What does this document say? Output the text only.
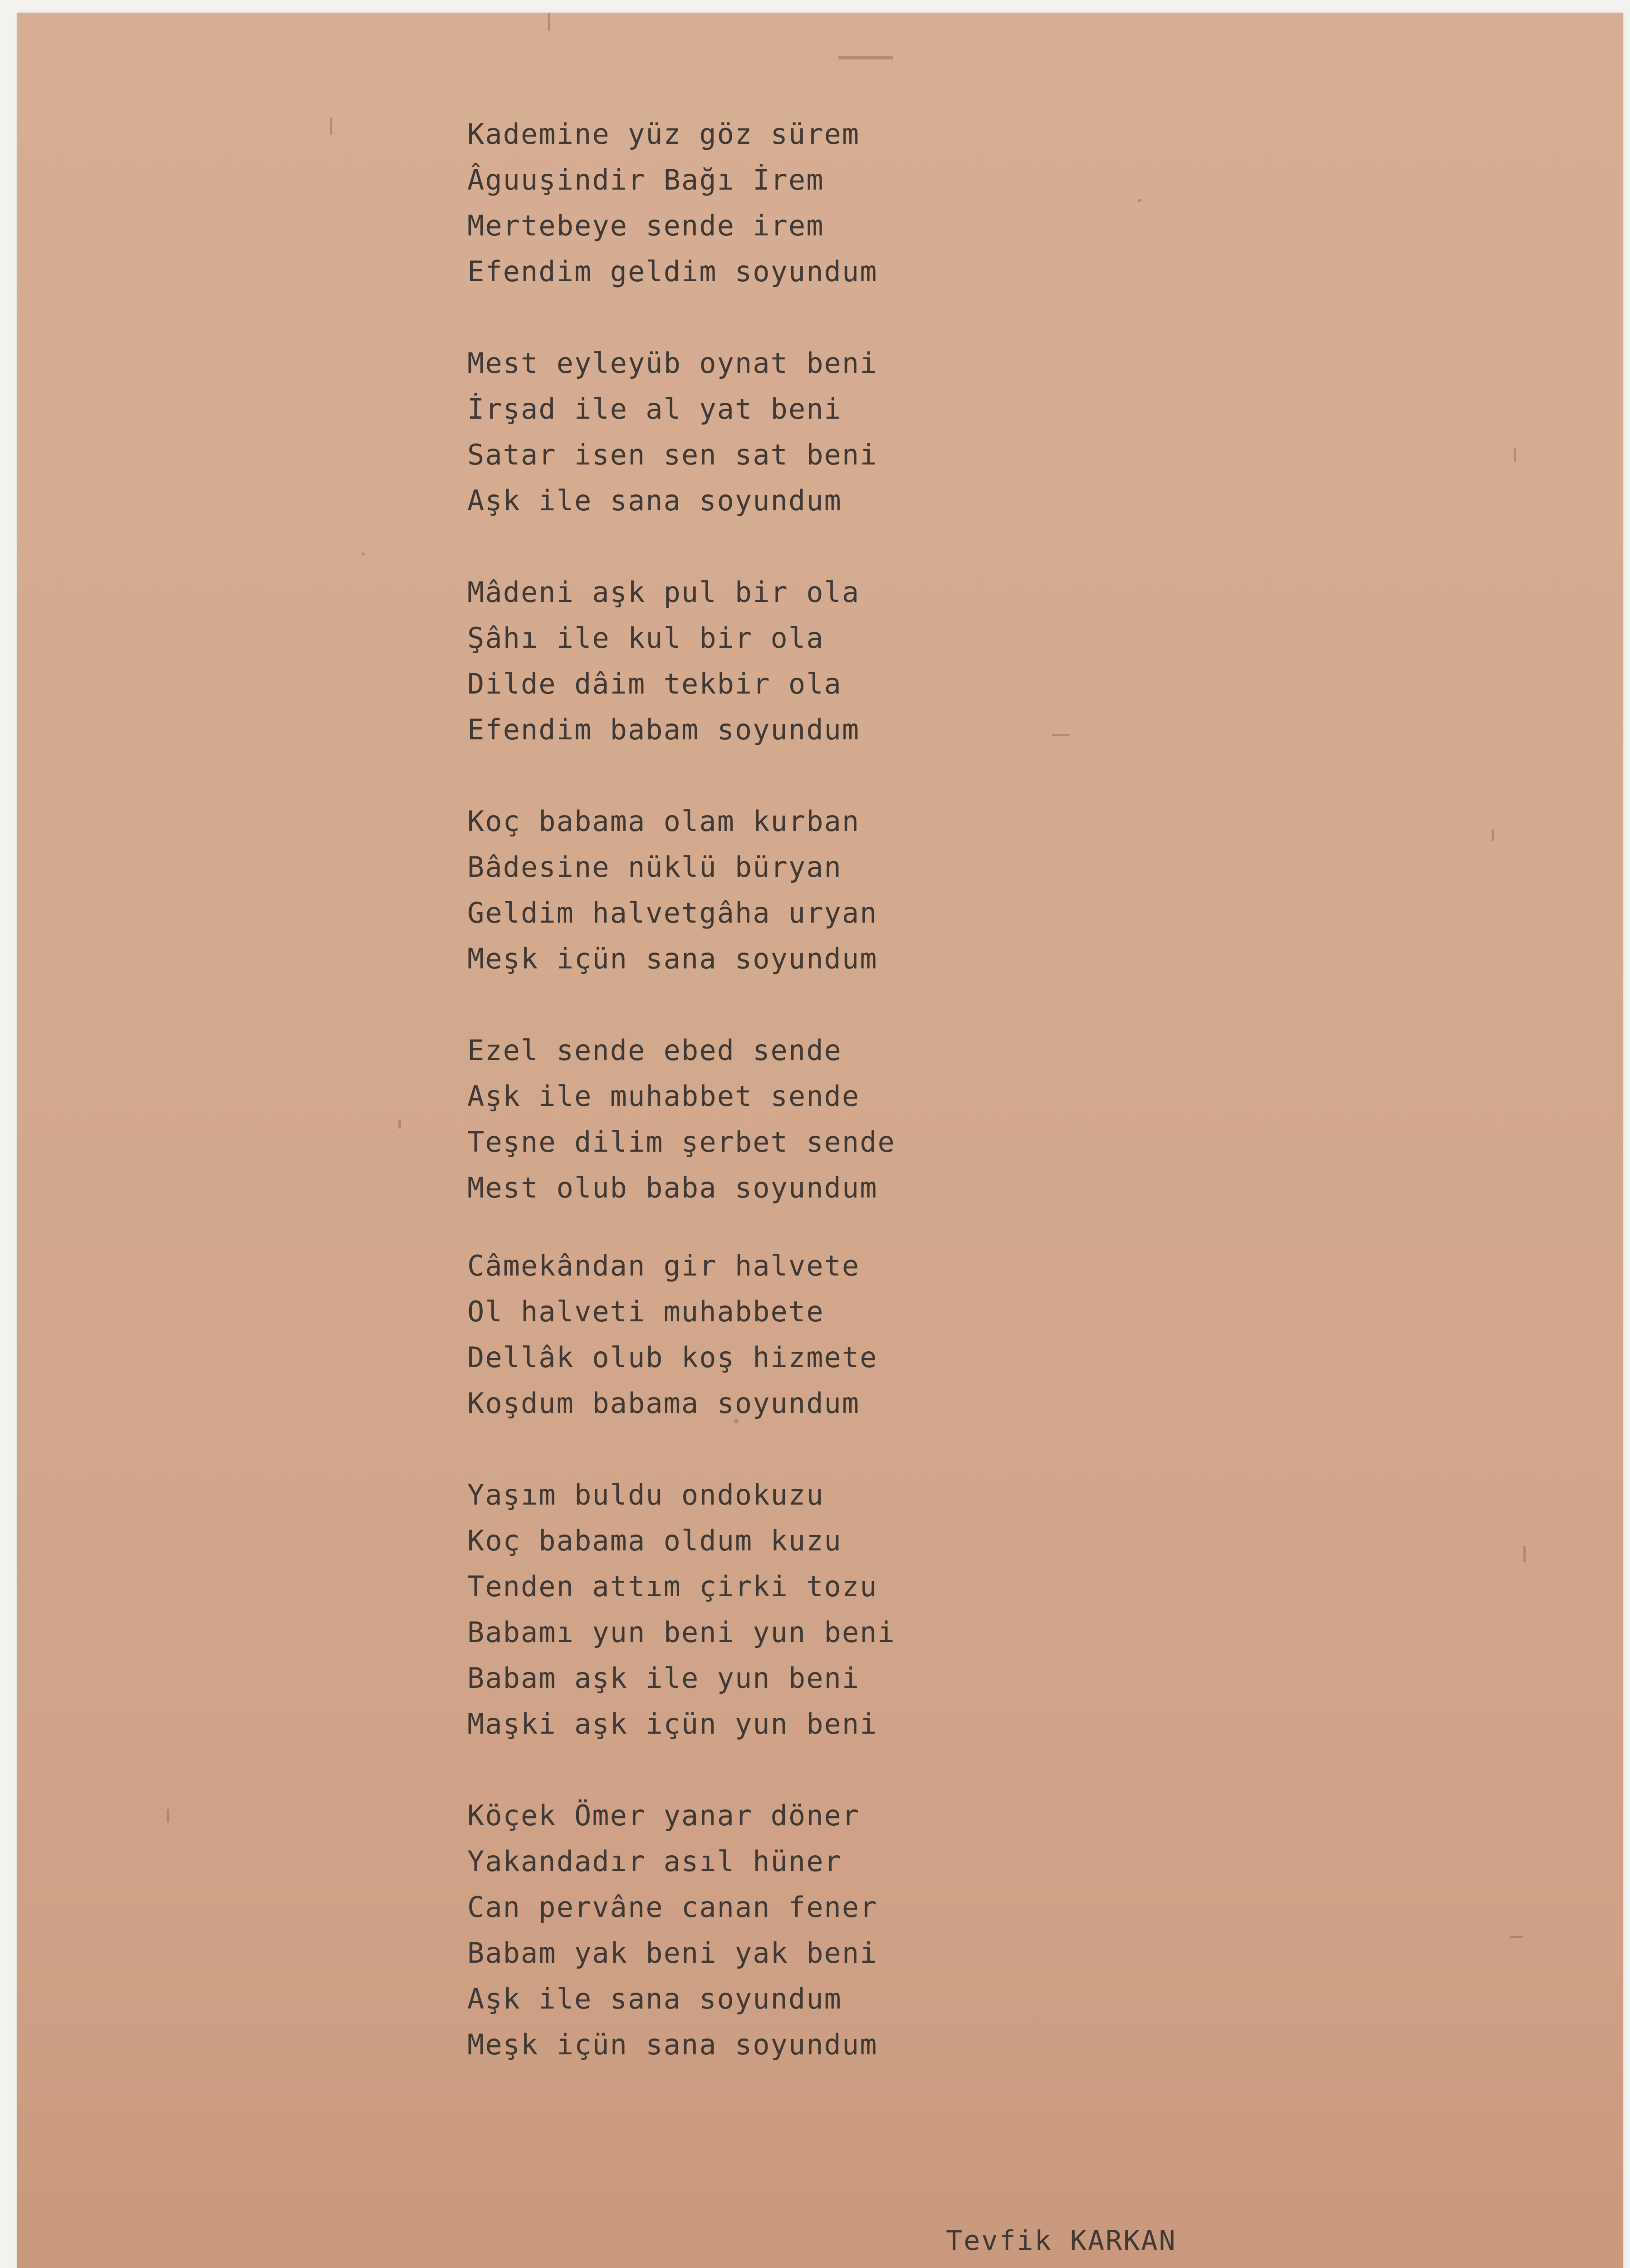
Kademine yüz göz sürem
Âguuşindir Bağı İrem
Mertebeye sende irem
Efendim geldim soyundum
Mest eyleyüb oynat beni
İrşad ile al yat beni
Satar isen sen sat beni
Aşk ile sana soyundum
Mâdeni aşk pul bir ola
Şâhı ile kul bir ola
Dilde dâim tekbir ola
Efendim babam soyundum
Koç babama olam kurban
Bâdesine nüklü büryan
Geldim halvetgâha uryan
Meşk içün sana soyundum
Ezel sende ebed sende
Aşk ile muhabbet sende
Teşne dilim şerbet sende
Mest olub baba soyundum
Câmekândan gir halvete
Ol halveti muhabbete
Dellâk olub koş hizmete
Koşdum babama soyundum
Yaşım buldu ondokuzu
Koç babama oldum kuzu
Tenden attım çirki tozu
Babamı yun beni yun beni
Babam aşk ile yun beni
Maşki aşk içün yun beni
Köçek Ömer yanar döner
Yakandadır asıl hüner
Can pervâne canan fener
Babam yak beni yak beni
Aşk ile sana soyundum
Meşk içün sana soyundum
Tevfik KARKAN
